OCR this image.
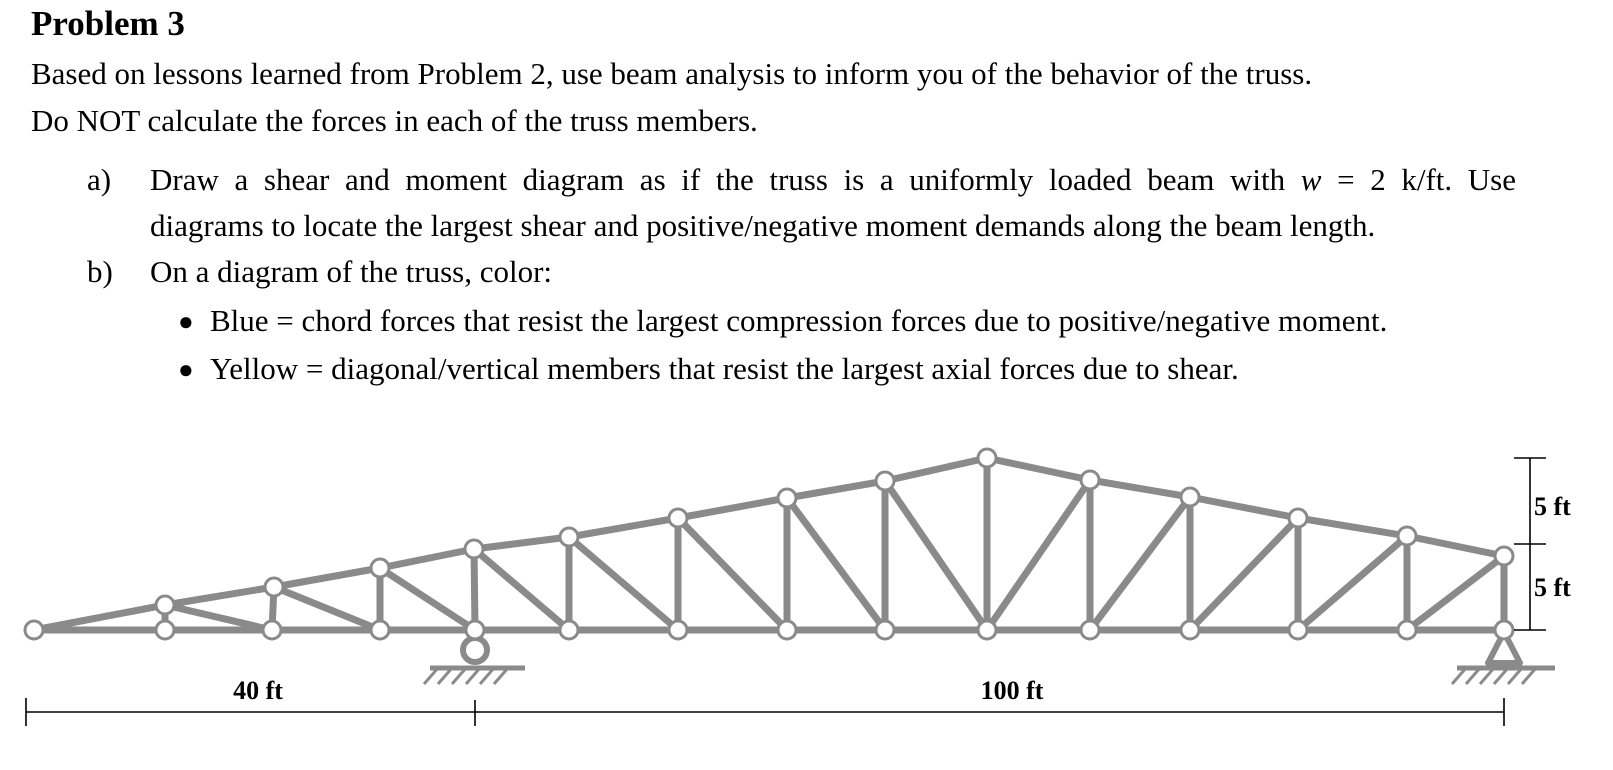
Problem 3

Based on lessons learned from Problem 2, use beam analysis to inform you of the behavior of the truss.

Do NOT calculate the forces in each of the truss members.

a) Draw a shear and moment diagram as if the truss is a uniformly loaded beam with w = 2 k/ft. Use
diagrams to locate the largest shear and positive/negative moment demands along the beam length.
b) On a diagram of the truss, color:
● Blue = chord forces that resist the largest compression forces due to positive/negative moment.
● Yellow = diagonal/vertical members that resist the largest axial forces due to shear.
40 ft	100 ft
5 ft
5 ft
